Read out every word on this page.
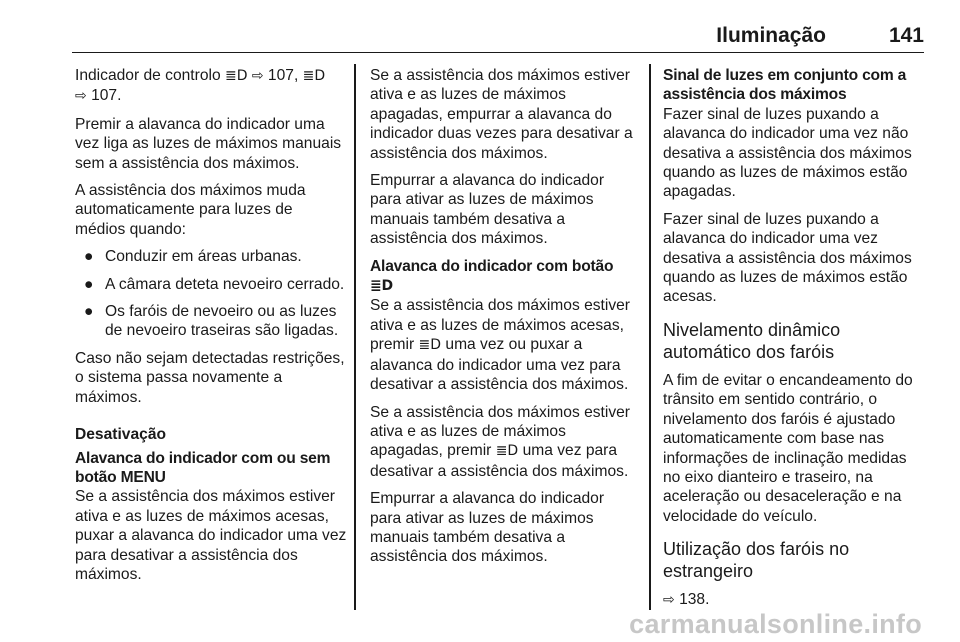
Iluminação	141

Indicador de controlo ≣D ⇨ 107, ≣D
⇨ 107.

Premir a alavanca do indicador uma vez liga as luzes de máximos manuais sem a assistência dos máximos.

A assistência dos máximos muda automaticamente para luzes de médios quando:

● Conduzir em áreas urbanas.
● A câmara deteta nevoeiro cerrado.
● Os faróis de nevoeiro ou as luzes de nevoeiro traseiras são ligadas.

Caso não sejam detectadas restrições, o sistema passa novamente a máximos.

Desativação
Alavanca do indicador com ou sem botão MENU

Se a assistência dos máximos estiver ativa e as luzes de máximos acesas, puxar a alavanca do indicador uma vez para desativar a assistência dos máximos.

Se a assistência dos máximos estiver ativa e as luzes de máximos apagadas, empurrar a alavanca do indicador duas vezes para desativar a assistência dos máximos.

Empurrar a alavanca do indicador para ativar as luzes de máximos manuais também desativa a assistência dos máximos.

Alavanca do indicador com botão
≣D

Se a assistência dos máximos estiver ativa e as luzes de máximos acesas, premir ≣D uma vez ou puxar a alavanca do indicador uma vez para desativar a assistência dos máximos.

Se a assistência dos máximos estiver ativa e as luzes de máximos apagadas, premir ≣D uma vez para desativar a assistência dos máximos.

Empurrar a alavanca do indicador para ativar as luzes de máximos manuais também desativa a assistência dos máximos.

Sinal de luzes em conjunto com a assistência dos máximos

Fazer sinal de luzes puxando a alavanca do indicador uma vez não desativa a assistência dos máximos quando as luzes de máximos estão apagadas.

Fazer sinal de luzes puxando a alavanca do indicador uma vez desativa a assistência dos máximos quando as luzes de máximos estão acesas.

Nivelamento dinâmico automático dos faróis

A fim de evitar o encandeamento do trânsito em sentido contrário, o nivelamento dos faróis é ajustado automaticamente com base nas informações de inclinação medidas no eixo dianteiro e traseiro, na aceleração ou desaceleração e na velocidade do veículo.

Utilização dos faróis no estrangeiro

⇨ 138.

carmanualsonline.info
